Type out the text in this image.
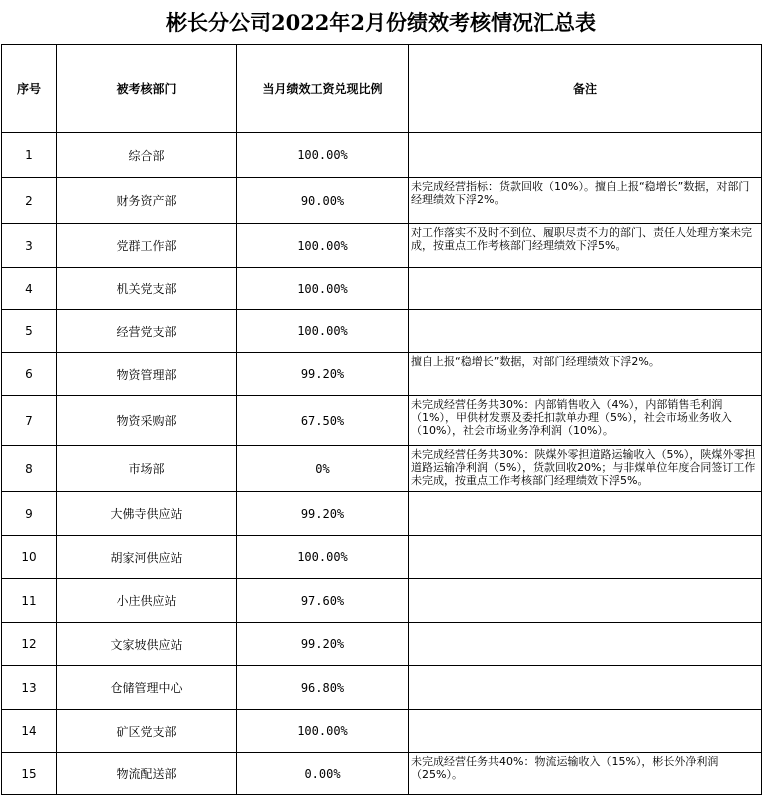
彬长分公司2022年2月份绩效考核情况汇总表
序号	被考核部门	当月绩效工资兑现比例	备注
1	综合部	100.00%	
2	财务资产部	90.00%	未完成经营指标：货款回收（10%）。擅自上报“稳增长”数据，对部门经理绩效下浮2%。
3	党群工作部	100.00%	对工作落实不及时不到位、履职尽责不力的部门、责任人处理方案未完成，按重点工作考核部门经理绩效下浮5%。
4	机关党支部	100.00%	
5	经营党支部	100.00%	
6	物资管理部	99.20%	擅自上报“稳增长”数据，对部门经理绩效下浮2%。
7	物资采购部	67.50%	未完成经营任务共30%：内部销售收入（4%），内部销售毛利润（1%），甲供材发票及委托扣款单办理（5%），社会市场业务收入（10%），社会市场业务净利润（10%）。
8	市场部	0%	未完成经营任务共30%：陕煤外零担道路运输收入（5%），陕煤外零担道路运输净利润（5%），货款回收20%；与非煤单位年度合同签订工作未完成，按重点工作考核部门经理绩效下浮5%。
9	大佛寺供应站	99.20%	
10	胡家河供应站	100.00%	
11	小庄供应站	97.60%	
12	文家坡供应站	99.20%	
13	仓储管理中心	96.80%	
14	矿区党支部	100.00%	
15	物流配送部	0.00%	未完成经营任务共40%：物流运输收入（15%），彬长外净利润（25%）。
